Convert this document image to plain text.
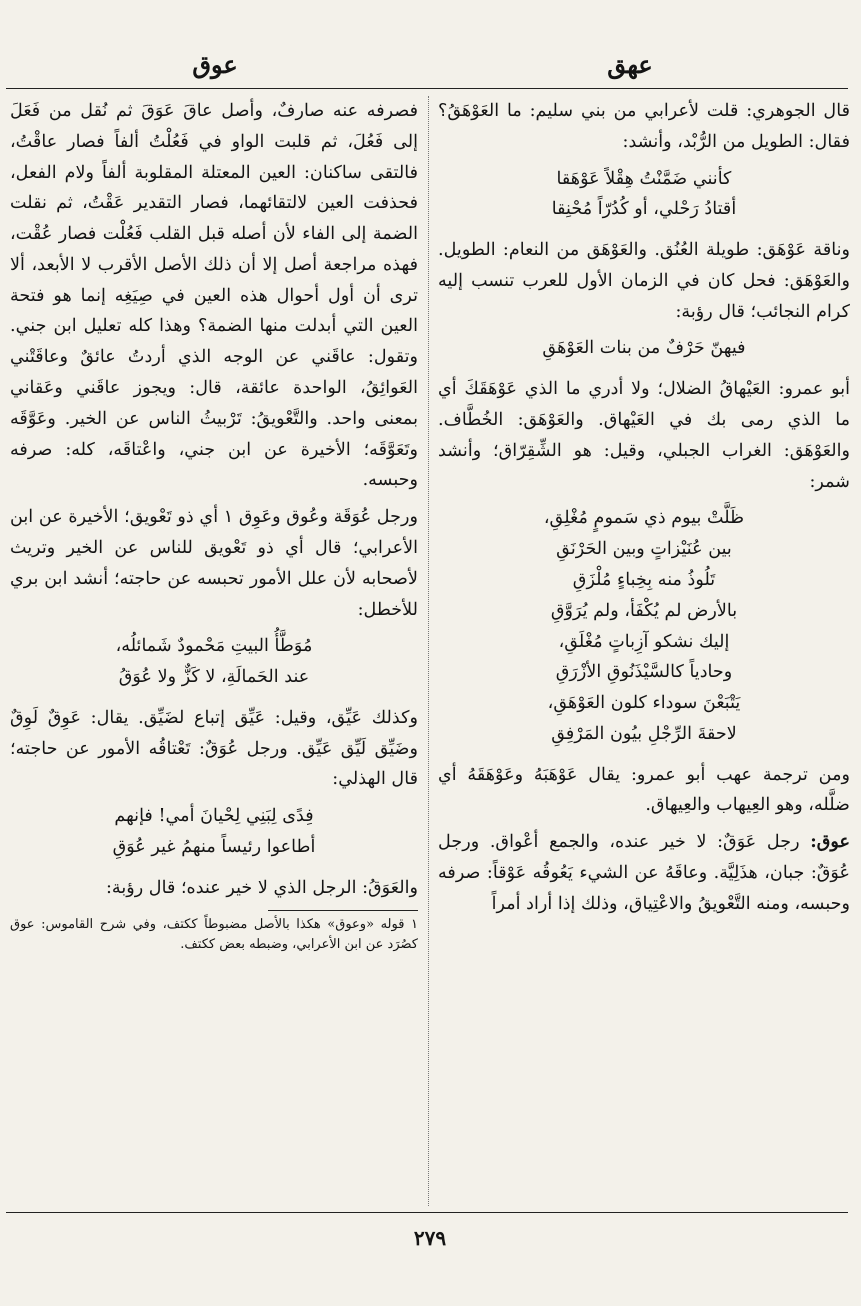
عهق
عوق

قال الجوهري: قلت لأعرابي من بني سليم: ما العَوْهَقُ؟ فقال: الطويل من الرُّبْد، وأنشد:

كأنني ضَمَّنْتُ هِقْلاً عَوْهَقا
أقتادُ رَحْلي، أو كُدُرّاً مُحْنِقا

وناقة عَوْهَق: طويلة العُنُق. والعَوْهَق من النعام: الطويل. والعَوْهَق: فحل كان في الزمان الأول للعرب تنسب إليه كرام النجائب؛ قال رؤبة:

فيهنّ حَرْفٌ من بنات العَوْهَقِ

أبو عمرو: العَيْهاقُ الضلال؛ ولا أدري ما الذي عَوْهَقَكَ أي ما الذي رمى بك في العَيْهاق. والعَوْهَق: الخُطَّاف. والعَوْهَق: الغراب الجبلي، وقيل: هو الشِّقِرّاق؛ وأنشد شمر:

ظَلَّتْ بيوم ذي سَمومٍ مُغْلِقِ،
بين عُنَيْزاتٍ وبين الحَرْنَقِ
تَلُوذُ منه بِخِباءٍ مُلْزَقِ
بالأرض لم يُكْفَأ، ولم يُرَوَّقِ
إليك نشكو آزِباتٍ مُغْلَقِ،
وحادياً كالسَّيْذَنُوقِ الأزْرَقِ
يَتْبَعْنَ سوداء كلون العَوْهَقِ،
لاحقةَ الرِّجْلِ بيُون المَرْفِقِ

ومن ترجمة عهب أبو عمرو: يقال عَوْهَبَهُ وعَوْهَقَهُ أي ضلَّله، وهو العِيهاب والعِيهاق.

عوق: رجل عَوَقٌ: لا خير عنده، والجمع أعْواق. ورجل عُوَقٌ: جبان، هذَلِيَّة. وعاقَهُ عن الشيء يَعُوقُه عَوْقاً: صرفه وحبسه، ومنه التَّعْويقُ والاعْتِياق، وذلك إذا أراد أمراً

فصرفه عنه صارفٌ، وأصل عاقَ عَوَقَ ثم نُقل من فَعَلَ إلى فَعُلَ، ثم قلبت الواو في فَعُلْتُ ألفاً فصار عاقْتُ، فالتقى ساكنان: العين المعتلة المقلوبة ألفاً ولام الفعل، فحذفت العين لالتقائهما، فصار التقدير عَقْتُ، ثم نقلت الضمة إلى الفاء لأن أصله قبل القلب فَعُلْت فصار عُقْت، فهذه مراجعة أصل إلا أن ذلك الأصل الأقرب لا الأبعد، ألا ترى أن أول أحوال هذه العين في صِيَغِه إنما هو فتحة العين التي أبدلت منها الضمة؟ وهذا كله تعليل ابن جني. وتقول: عاقَني عن الوجه الذي أردتُ عائقٌ وعاقَتْني العَوائِقُ، الواحدة عائقة، قال: ويجوز عاقَني وعَقاني بمعنى واحد. والتَّعْويقُ: تَرْبيثُ الناس عن الخير. وعَوَّقَه وتَعَوَّقَه؛ الأخيرة عن ابن جني، واعْتاقَه، كله: صرفه وحبسه.

ورجل عُوَقَة وعُوق وعَوِق ١ أي ذو تَعْويق؛ الأخيرة عن ابن الأعرابي؛ قال أي ذو تَعْويق للناس عن الخير وتريث لأصحابه لأن علل الأمور تحبسه عن حاجته؛ أنشد ابن بري للأخطل:

مُوَطَّأُ البيتِ مَحْمودٌ شَمائلُه،
عند الحَمالَةِ، لا كَزٌّ ولا عُوَقُ

وكذلك عَيِّق، وقيل: عَيِّق إتباع لضَيِّق. يقال: عَوِقٌ لَوِقٌ وضَيِّق لَيِّق عَيِّق. ورجل عُوَقٌ: تَعْتاقُه الأمور عن حاجته؛ قال الهذلي:

فِدًى لِبَنِي لِحْيانَ أمي! فإنهم
أطاعوا رئيساً منهمُ غير عُوَقِ

والعَوَقُ: الرجل الذي لا خير عنده؛ قال رؤبة:

١ قوله «وعوق» هكذا بالأصل مضبوطاً ككتف، وفي شرح القاموس: عوق كصُرَد عن ابن الأعرابي، وضبطه بعض ككتف.

٢٧٩
